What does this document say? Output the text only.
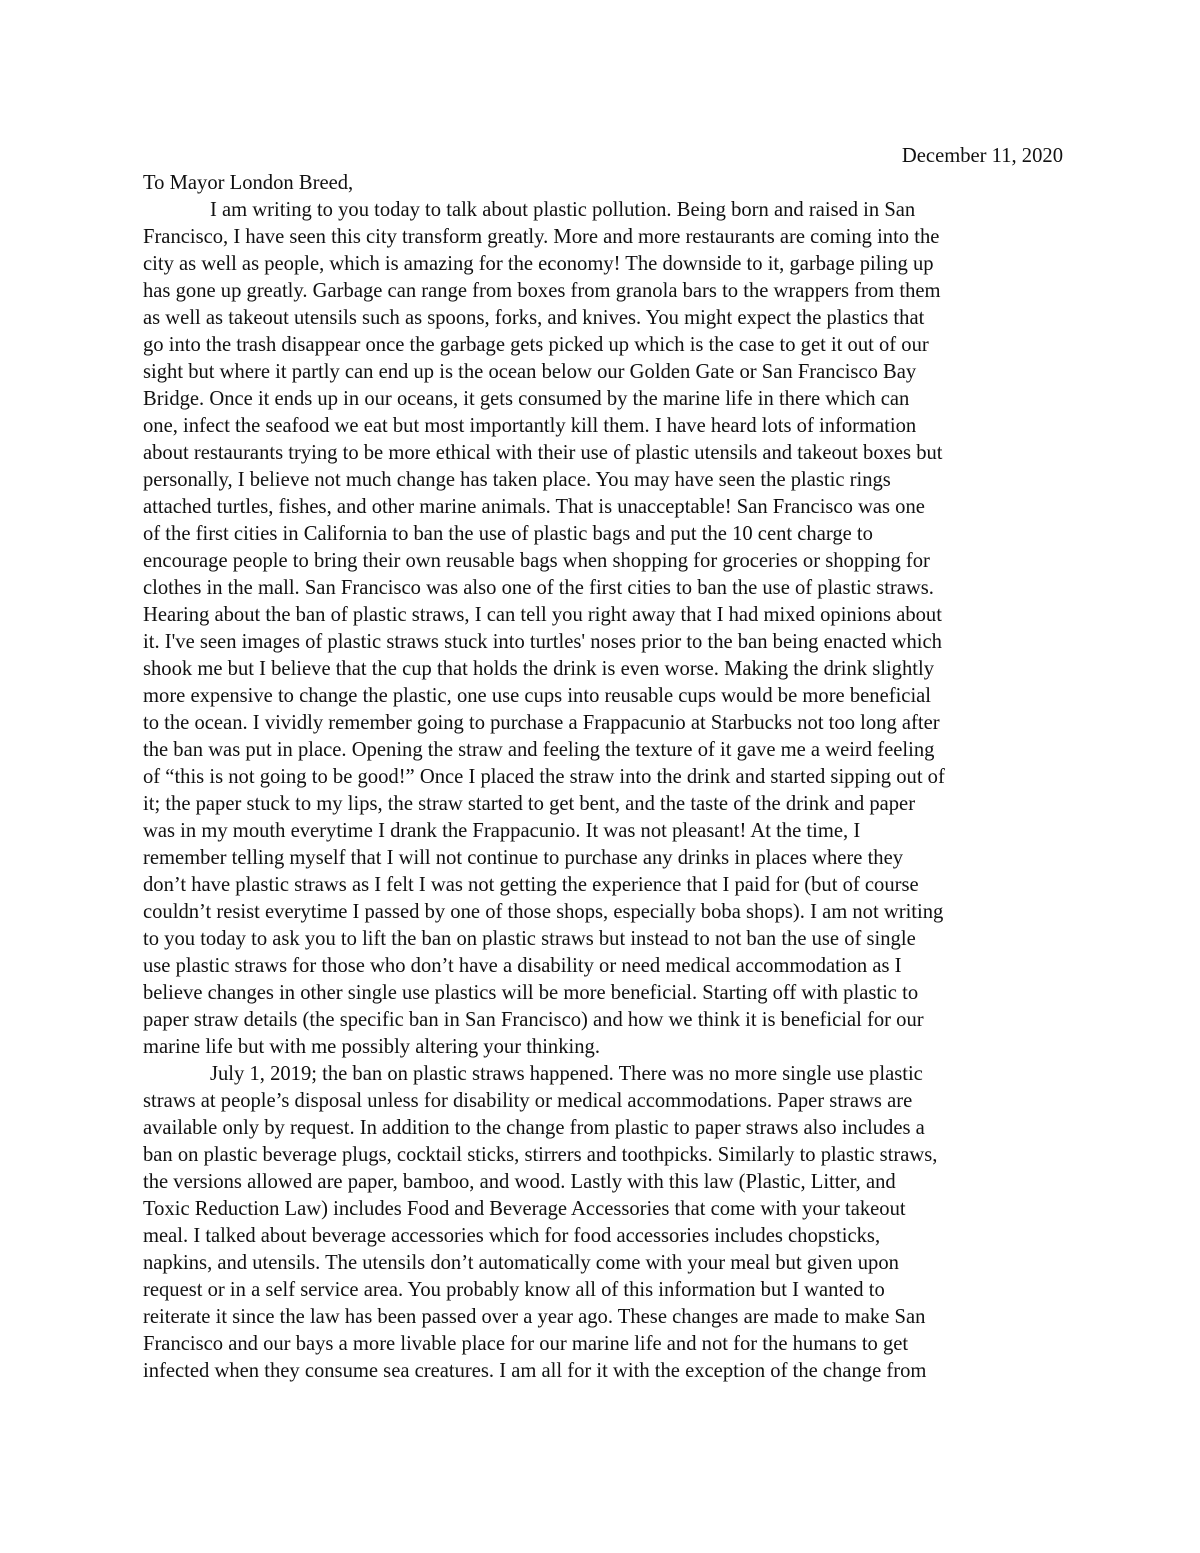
December 11, 2020

To Mayor London Breed,

I am writing to you today to talk about plastic pollution. Being born and raised in San
Francisco, I have seen this city transform greatly. More and more restaurants are coming into the
city as well as people, which is amazing for the economy! The downside to it, garbage piling up
has gone up greatly. Garbage can range from boxes from granola bars to the wrappers from them
as well as takeout utensils such as spoons, forks, and knives. You might expect the plastics that
go into the trash disappear once the garbage gets picked up which is the case to get it out of our
sight but where it partly can end up is the ocean below our Golden Gate or San Francisco Bay
Bridge. Once it ends up in our oceans, it gets consumed by the marine life in there which can
one, infect the seafood we eat but most importantly kill them. I have heard lots of information
about restaurants trying to be more ethical with their use of plastic utensils and takeout boxes but
personally, I believe not much change has taken place. You may have seen the plastic rings
attached turtles, fishes, and other marine animals. That is unacceptable! San Francisco was one
of the first cities in California to ban the use of plastic bags and put the 10 cent charge to
encourage people to bring their own reusable bags when shopping for groceries or shopping for
clothes in the mall. San Francisco was also one of the first cities to ban the use of plastic straws.
Hearing about the ban of plastic straws, I can tell you right away that I had mixed opinions about
it. I've seen images of plastic straws stuck into turtles' noses prior to the ban being enacted which
shook me but I believe that the cup that holds the drink is even worse. Making the drink slightly
more expensive to change the plastic, one use cups into reusable cups would be more beneficial
to the ocean. I vividly remember going to purchase a Frappacunio at Starbucks not too long after
the ban was put in place. Opening the straw and feeling the texture of it gave me a weird feeling
of “this is not going to be good!” Once I placed the straw into the drink and started sipping out of
it; the paper stuck to my lips, the straw started to get bent, and the taste of the drink and paper
was in my mouth everytime I drank the Frappacunio. It was not pleasant! At the time, I
remember telling myself that I will not continue to purchase any drinks in places where they
don’t have plastic straws as I felt I was not getting the experience that I paid for (but of course
couldn’t resist everytime I passed by one of those shops, especially boba shops). I am not writing
to you today to ask you to lift the ban on plastic straws but instead to not ban the use of single
use plastic straws for those who don’t have a disability or need medical accommodation as I
believe changes in other single use plastics will be more beneficial. Starting off with plastic to
paper straw details (the specific ban in San Francisco) and how we think it is beneficial for our
marine life but with me possibly altering your thinking.
July 1, 2019; the ban on plastic straws happened. There was no more single use plastic
straws at people’s disposal unless for disability or medical accommodations. Paper straws are
available only by request. In addition to the change from plastic to paper straws also includes a
ban on plastic beverage plugs, cocktail sticks, stirrers and toothpicks. Similarly to plastic straws,
the versions allowed are paper, bamboo, and wood. Lastly with this law (Plastic, Litter, and
Toxic Reduction Law) includes Food and Beverage Accessories that come with your takeout
meal. I talked about beverage accessories which for food accessories includes chopsticks,
napkins, and utensils. The utensils don’t automatically come with your meal but given upon
request or in a self service area. You probably know all of this information but I wanted to
reiterate it since the law has been passed over a year ago. These changes are made to make San
Francisco and our bays a more livable place for our marine life and not for the humans to get
infected when they consume sea creatures. I am all for it with the exception of the change from
